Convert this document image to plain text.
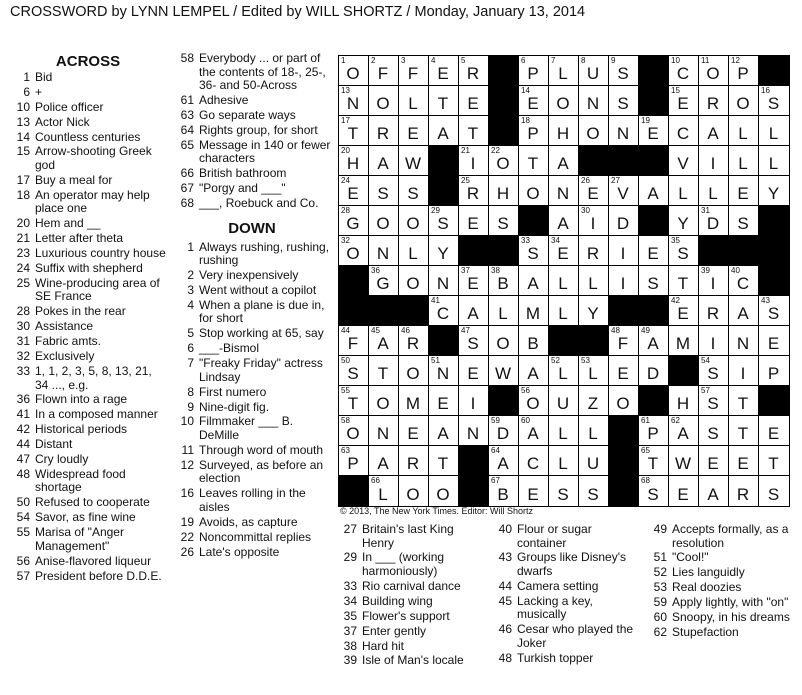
CROSSWORD by LYNN LEMPEL / Edited by WILL SHORTZ / Monday, January 13, 2014
ACROSS
1 Bid
6 +
10 Police officer
13 Actor Nick
14 Countless centuries
15 Arrow-shooting Greek god
17 Buy a meal for
18 An operator may help place one
20 Hem and __
21 Letter after theta
23 Luxurious country house
24 Suffix with shepherd
25 Wine-producing area of SE France
28 Pokes in the rear
30 Assistance
31 Fabric amts.
32 Exclusively
33 1, 1, 2, 3, 5, 8, 13, 21, 34 ..., e.g.
36 Flown into a rage
41 In a composed manner
42 Historical periods
44 Distant
47 Cry loudly
48 Widespread food shortage
50 Refused to cooperate
54 Savor, as fine wine
55 Marisa of "Anger Management"
56 Anise-flavored liqueur
57 President before D.D.E.
58 Everybody ... or part of the contents of 18-, 25-, 36- and 50-Across
61 Adhesive
63 Go separate ways
64 Rights group, for short
65 Message in 140 or fewer characters
66 British bathroom
67 "Porgy and ___"
68 ___, Roebuck and Co.
DOWN
1 Always rushing, rushing, rushing
2 Very inexpensively
3 Went without a copilot
4 When a plane is due in, for short
5 Stop working at 65, say
6 ___-Bismol
7 "Freaky Friday" actress Lindsay
8 First numero
9 Nine-digit fig.
10 Filmmaker ___ B. DeMille
11 Through word of mouth
12 Surveyed, as before an election
16 Leaves rolling in the aisles
19 Avoids, as capture
22 Noncommittal replies
26 Late's opposite
1
O
2
F
3
F
4
E
5
R
6
P
7
L
8
U
9
S
10
C
11
O
12
P
13
N O	L	T	E
14
E O N	S
15
E	R O
16
S
17
T	R	E	A	T
18
P	H O N
19
E	C	A	L	L
20
H	A W
21
I
22
O	T	A	V	I	L	L
24
E	S	S
25
R H O N
26
E
27
V	A	L	L	E	Y
28
G O O
29
S	E	S	A
30
I	D	Y
31
D	S
32
O N	L	Y
33
S
34
E	R	I	E
35
S
36
G O N
37
E
38
B	A	L	L	I	S	T
39
I
40
C
41
C	A	L	M	L	Y
42
E	R	A
43
S
44
F
45
A
46
R
47
S O B
48
F
49
A M	I	N	E
50
S	T	O
51
N	E W A
52
L
53
L	E	D
54
S	I	P
55
T	O M E	I
56
O U	Z	O	H
57
S	T
58
O N	E	A	N
59
D
60
A	L	L
61
P
62
A	S	T	E
63
P	A	R	T
64
A	C	L	U
65
T W E	E	T
66
L	O O
67
B	E	S	S
68
S	E	A	R	S
© 2013, The New York Times. Editor: Will Shortz
27 Britain's last King Henry
29 In ___ (working harmoniously)
33 Rio carnival dance
34 Building wing
35 Flower's support
37 Enter gently
38 Hard hit
39 Isle of Man's locale
40 Flour or sugar container
43 Groups like Disney's dwarfs
44 Camera setting
45 Lacking a key, musically
46 Cesar who played the Joker
48 Turkish topper
49 Accepts formally, as a resolution
51 "Cool!"
52 Lies languidly
53 Real doozies
59 Apply lightly, with "on"
60 Snoopy, in his dreams
62 Stupefaction
